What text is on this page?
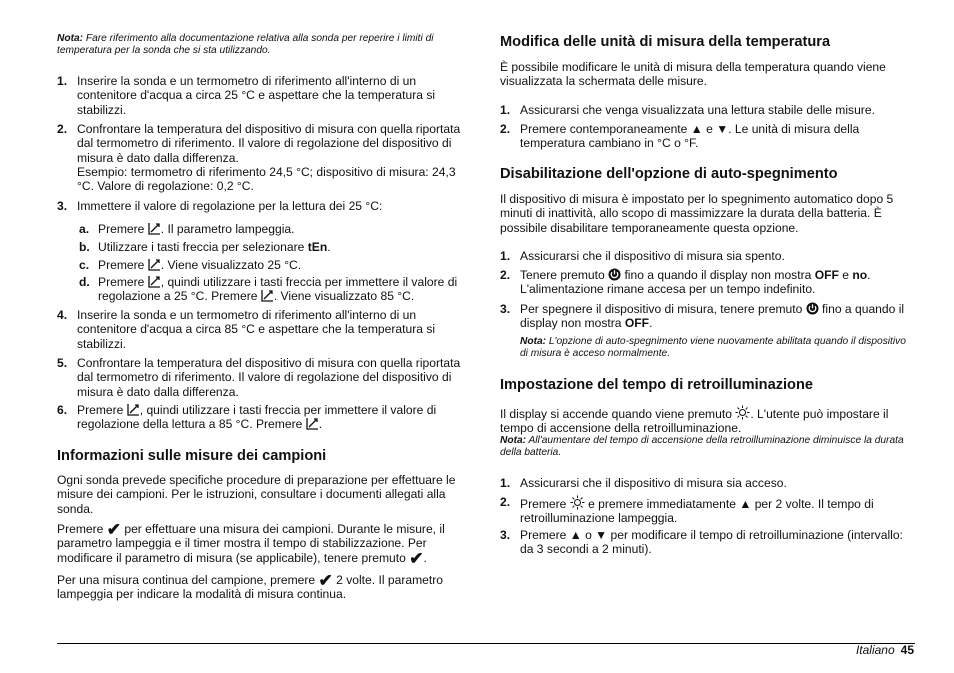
Nota: Fare riferimento alla documentazione relativa alla sonda per reperire i limiti di temperatura per la sonda che si sta utilizzando.

1. Inserire la sonda e un termometro di riferimento all'interno di un contenitore d'acqua a circa 25 °C e aspettare che la temperatura si stabilizzi.
2. Confrontare la temperatura del dispositivo di misura con quella riportata dal termometro di riferimento. Il valore di regolazione del dispositivo di misura è dato dalla differenza.
Esempio: termometro di riferimento 24,5 °C; dispositivo di misura: 24,3 °C. Valore di regolazione: 0,2 °C.
3. Immettere il valore di regolazione per la lettura dei 25 °C:
a. Premere . Il parametro lampeggia.
b. Utilizzare i tasti freccia per selezionare tEn.
c. Premere . Viene visualizzato 25 °C.
d. Premere , quindi utilizzare i tasti freccia per immettere il valore di regolazione a 25 °C. Premere . Viene visualizzato 85 °C.
4. Inserire la sonda e un termometro di riferimento all'interno di un contenitore d'acqua a circa 85 °C e aspettare che la temperatura si stabilizzi.
5. Confrontare la temperatura del dispositivo di misura con quella riportata dal termometro di riferimento. Il valore di regolazione del dispositivo di misura è dato dalla differenza.
6. Premere , quindi utilizzare i tasti freccia per immettere il valore di regolazione della lettura a 85 °C. Premere .
Informazioni sulle misure dei campioni

Ogni sonda prevede specifiche procedure di preparazione per effettuare le misure dei campioni. Per le istruzioni, consultare i documenti allegati alla sonda.

Premere ✔ per effettuare una misura dei campioni. Durante le misure, il parametro lampeggia e il timer mostra il tempo di stabilizzazione. Per modificare il parametro di misura (se applicabile), tenere premuto ✔.

Per una misura continua del campione, premere ✔ 2 volte. Il parametro lampeggia per indicare la modalità di misura continua.

Modifica delle unità di misura della temperatura

È possibile modificare le unità di misura della temperatura quando viene visualizzata la schermata delle misure.

1. Assicurarsi che venga visualizzata una lettura stabile delle misure.
2. Premere contemporaneamente ▲ e ▼. Le unità di misura della temperatura cambiano in °C o °F.
Disabilitazione dell'opzione di auto-spegnimento

Il dispositivo di misura è impostato per lo spegnimento automatico dopo 5 minuti di inattività, allo scopo di massimizzare la durata della batteria. È possibile disabilitare temporaneamente questa opzione.

1. Assicurarsi che il dispositivo di misura sia spento.
2. Tenere premuto  fino a quando il display non mostra OFF e no. L'alimentazione rimane accesa per un tempo indefinito.
3. Per spegnere il dispositivo di misura, tenere premuto  fino a quando il display non mostra OFF.

Nota: L'opzione di auto-spegnimento viene nuovamente abilitata quando il dispositivo di misura è acceso normalmente.

Impostazione del tempo di retroilluminazione

Il display si accende quando viene premuto . L'utente può impostare il tempo di accensione della retroilluminazione.

Nota: All'aumentare del tempo di accensione della retroilluminazione diminuisce la durata della batteria.

1. Assicurarsi che il dispositivo di misura sia acceso.
2. Premere  e premere immediatamente ▲ per 2 volte. Il tempo di retroilluminazione lampeggia.
3. Premere ▲ o ▼ per modificare il tempo di retroilluminazione (intervallo: da 3 secondi a 2 minuti).
Italiano 45
